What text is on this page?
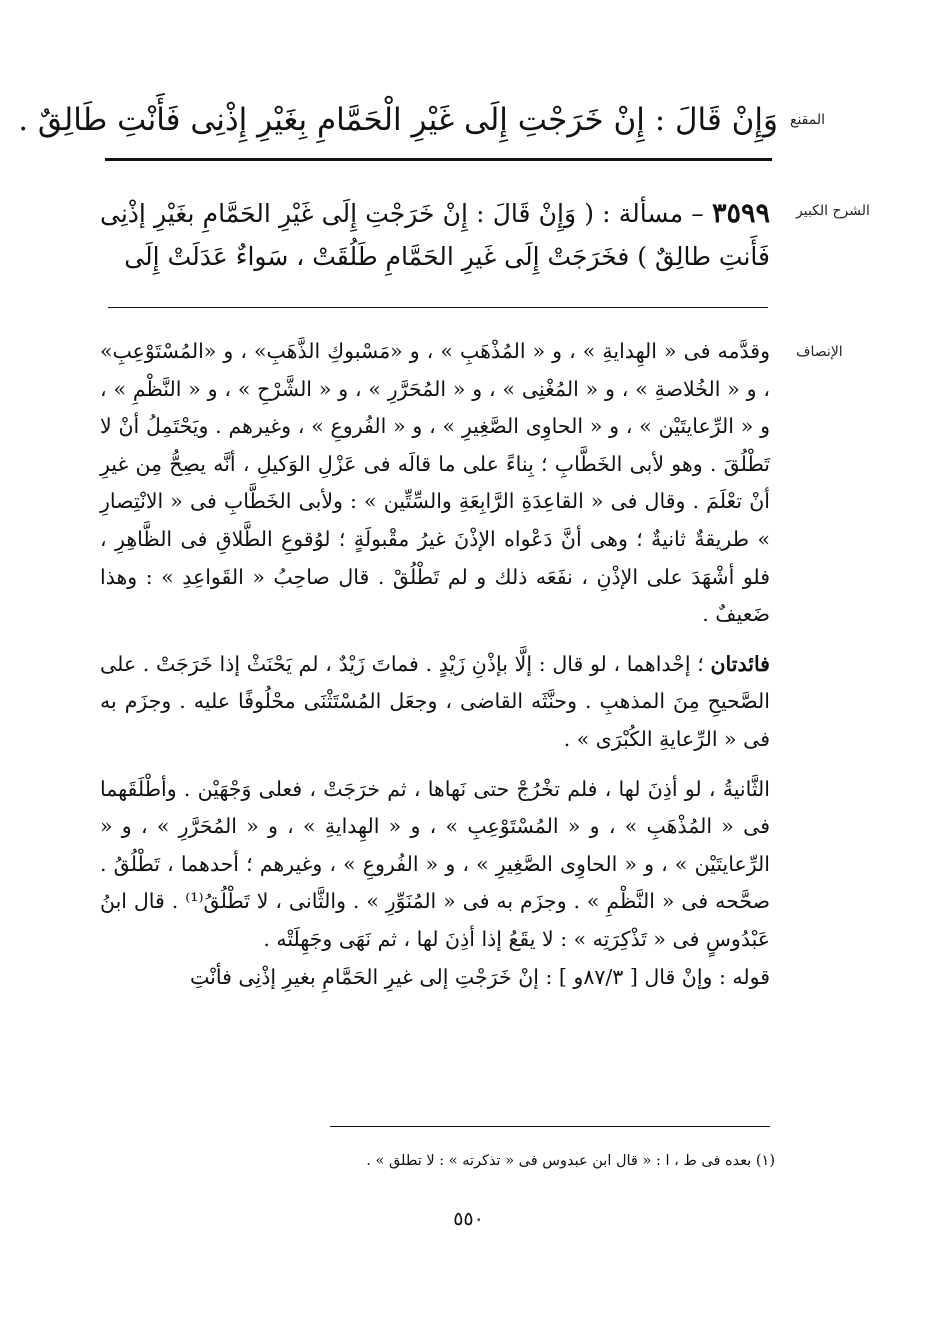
المقنع
وَإِنْ قَالَ : إِنْ خَرَجْتِ إِلَى غَيْرِ الْحَمَّامِ بِغَيْرِ إِذْنِى فَأَنْتِ طَالِقٌ .
الشرح الكبير
٣٥٩٩ – مسألة : ( وَإِنْ قَالَ : إِنْ خَرَجْتِ إِلَى غَيْرِ الحَمَّامِ بغَيْرِ إذْنِى فَأَنتِ طالِقٌ ) فخَرَجَتْ إِلَى غَيرِ الحَمَّامِ طَلُقَتْ ، سَواءٌ عَدَلَتْ إِلَى
الإنصاف

وقدَّمه فى « الهِدايةِ » ، و « المُذْهَبِ » ، و «مَسْبوكِ الذَّهَبِ» ، و «المُسْتَوْعِبِ» ، و « الخُلاصةِ » ، و « المُغْنِى » ، و « المُحَرَّرِ » ، و « الشَّرْحِ » ، و « النَّظْمِ » ، و « الرِّعايتَيْن » ، و « الحاوِى الصَّغِيرِ » ، و « الفُروعِ » ، وغيرهم . ويَحْتَمِلُ أنْ لا تَطْلُقَ . وهو لأبى الخَطَّابِ ؛ بِناءً على ما قالَه فى عَزْلِ الوَكيلِ ، أنَّه يصِحُّ مِن غيرِ أنْ تعْلَمَ . وقال فى « القاعِدَةِ الرَّابِعَةِ والسِّتِّين » : ولأبى الخَطَّابِ فى « الانْتِصارِ » طريقةٌ ثانيةٌ ؛ وهى أنَّ دَعْواه الإذْنَ غيرُ مقْبولَةٍ ؛ لوُقوعِ الطَّلاقِ فى الظَّاهِرِ ، فلو أشْهَدَ على الإذْنِ ، نفَعَه ذلك و لم تَطْلُقْ . قال صاحِبُ « القَواعِدِ » : وهذا ضَعيفٌ .

فائدتان ؛ إحْداهما ، لو قال : إلَّا بإذْنِ زَيْدٍ . فماتَ زَيْدٌ ، لم يَحْنَثْ إذا خَرَجَتْ . على الصَّحيحِ مِنَ المذهبِ . وحنَّثَه القاضى ، وجعَل المُسْتَثْنَى محْلُوفًا عليه . وجزَم به فى « الرِّعايةِ الكُبْرَى » .

الثَّانيةُ ، لو أذِنَ لها ، فلم تخْرُجْ حتى نَهاها ، ثم خرَجَتْ ، فعلى وَجْهَيْن . وأطْلَقَهما فى « المُذْهَبِ » ، و « المُسْتَوْعِبِ » ، و « الهِدايةِ » ، و « المُحَرَّرِ » ، و « الرِّعايتَيْن » ، و « الحاوِى الصَّغِيرِ » ، و « الفُروعِ » ، وغيرهم ؛ أحدهما ، تَطْلُقُ . صحَّحه فى « النَّظْمِ » . وجزَم به فى « المُنَوِّرِ » . والثَّانى ، لا تَطْلُقُ⁽¹⁾ . قال ابنُ عَبْدُوسٍ فى « تَذْكِرَتِه » : لا يقَعُ إذا أذِنَ لها ، ثم نَهَى وجَهِلَتْه .

قوله : وإنْ قال [ ٨٧/٣و ] : إنْ خَرَجْتِ إلى غيرِ الحَمَّامِ بغيرِ إذْنِى فأنْتِ

(١) بعده فى ط ، ا : « قال ابن عبدوس فى « تذكرته » : لا تطلق » .
٥٥٠
